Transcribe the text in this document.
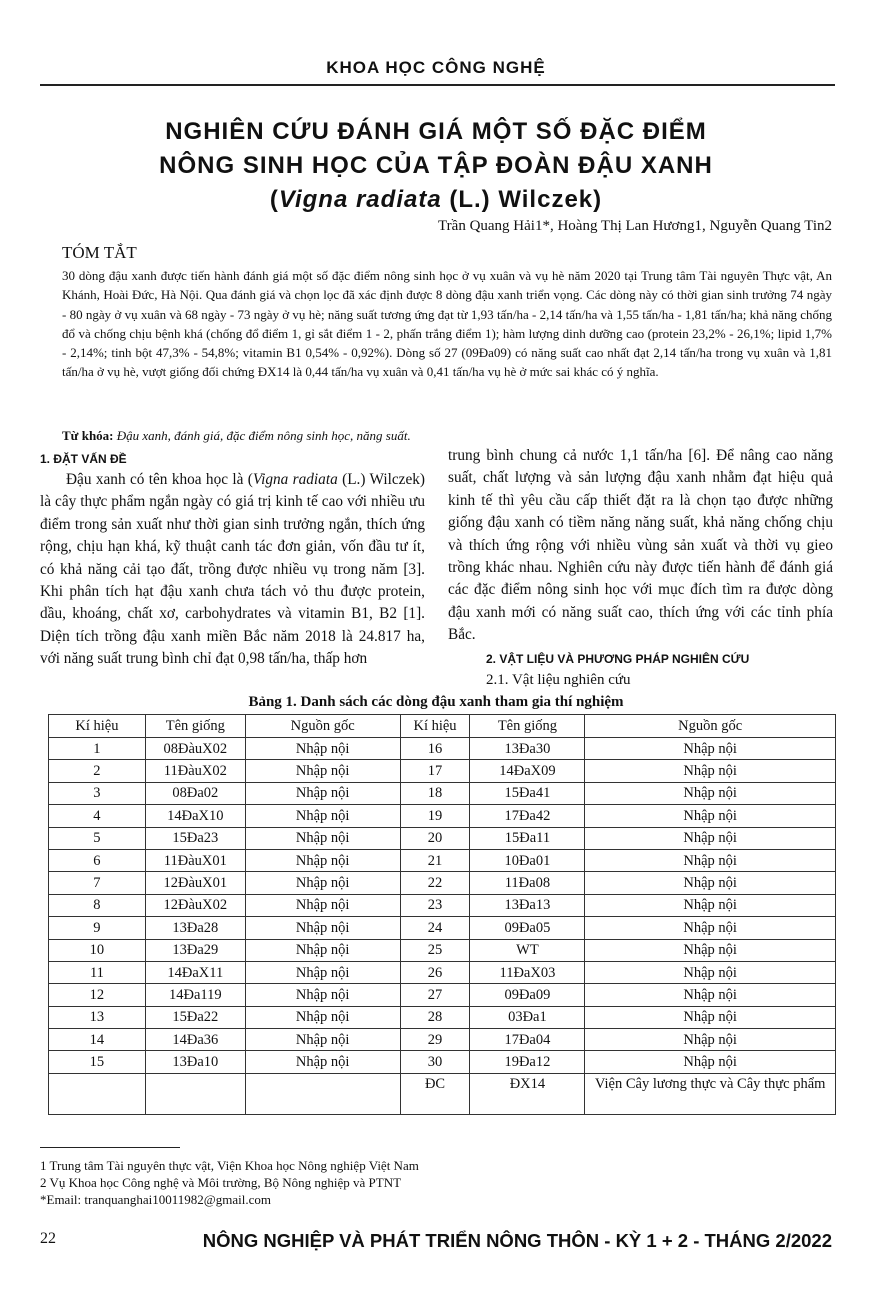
KHOA HỌC CÔNG NGHỆ
NGHIÊN CỨU ĐÁNH GIÁ MỘT SỐ ĐẶC ĐIỂM
NÔNG SINH HỌC CỦA TẬP ĐOÀN ĐẬU XANH
(Vigna radiata (L.) Wilczek)
Trần Quang Hải1*, Hoàng Thị Lan Hương1, Nguyễn Quang Tin2
TÓM TẮT
30 dòng đậu xanh được tiến hành đánh giá một số đặc điểm nông sinh học ở vụ xuân và vụ hè năm 2020 tại Trung tâm Tài nguyên Thực vật, An Khánh, Hoài Đức, Hà Nội. Qua đánh giá và chọn lọc đã xác định được 8 dòng đậu xanh triển vọng. Các dòng này có thời gian sinh trưởng 74 ngày - 80 ngày ở vụ xuân và 68 ngày - 73 ngày ở vụ hè; năng suất tương ứng đạt từ 1,93 tấn/ha - 2,14 tấn/ha và 1,55 tấn/ha - 1,81 tấn/ha; khả năng chống đổ và chống chịu bệnh khá (chống đổ điểm 1, gỉ sắt điểm 1 - 2, phấn trắng điểm 1); hàm lượng dinh dưỡng cao (protein 23,2% - 26,1%; lipid 1,7% - 2,14%; tinh bột 47,3% - 54,8%; vitamin B1 0,54% - 0,92%). Dòng số 27 (09Đa09) có năng suất cao nhất đạt 2,14 tấn/ha trong vụ xuân và 1,81 tấn/ha ở vụ hè, vượt giống đối chứng ĐX14 là 0,44 tấn/ha vụ xuân và 0,41 tấn/ha vụ hè ở mức sai khác có ý nghĩa.
Từ khóa: Đậu xanh, đánh giá, đặc điểm nông sinh học, năng suất.
1. ĐẶT VẤN ĐỀ
Đậu xanh có tên khoa học là (Vigna radiata (L.) Wilczek) là cây thực phẩm ngắn ngày có giá trị kinh tế cao với nhiều ưu điểm trong sản xuất như thời gian sinh trưởng ngắn, thích ứng rộng, chịu hạn khá, kỹ thuật canh tác đơn giản, vốn đầu tư ít, có khả năng cải tạo đất, trồng được nhiều vụ trong năm [3]. Khi phân tích hạt đậu xanh chưa tách vỏ thu được protein, dầu, khoáng, chất xơ, carbohydrates và vitamin B1, B2 [1]. Diện tích trồng đậu xanh miền Bắc năm 2018 là 24.817 ha, với năng suất trung bình chỉ đạt 0,98 tấn/ha, thấp hơn
trung bình chung cả nước 1,1 tấn/ha [6]. Để nâng cao năng suất, chất lượng và sản lượng đậu xanh nhằm đạt hiệu quả kinh tế thì yêu cầu cấp thiết đặt ra là chọn tạo được những giống đậu xanh có tiềm năng năng suất, khả năng chống chịu và thích ứng rộng với nhiều vùng sản xuất và thời vụ gieo trồng khác nhau. Nghiên cứu này được tiến hành để đánh giá các đặc điểm nông sinh học với mục đích tìm ra được dòng đậu xanh mới có năng suất cao, thích ứng với các tỉnh phía Bắc.
2. VẬT LIỆU VÀ PHƯƠNG PHÁP NGHIÊN CỨU
2.1. Vật liệu nghiên cứu
Bảng 1. Danh sách các dòng đậu xanh tham gia thí nghiệm
Kí hiệu	Tên giống	Nguồn gốc	Kí hiệu	Tên giống	Nguồn gốc
1	08ĐàuX02	Nhập nội	16	13Đa30	Nhập nội
2	11ĐàuX02	Nhập nội	17	14ĐaX09	Nhập nội
3	08Đa02	Nhập nội	18	15Đa41	Nhập nội
4	14ĐaX10	Nhập nội	19	17Đa42	Nhập nội
5	15Đa23	Nhập nội	20	15Đa11	Nhập nội
6	11ĐàuX01	Nhập nội	21	10Đa01	Nhập nội
7	12ĐàuX01	Nhập nội	22	11Đa08	Nhập nội
8	12ĐàuX02	Nhập nội	23	13Đa13	Nhập nội
9	13Đa28	Nhập nội	24	09Đa05	Nhập nội
10	13Đa29	Nhập nội	25	WT	Nhập nội
11	14ĐaX11	Nhập nội	26	11ĐaX03	Nhập nội
12	14Đa119	Nhập nội	27	09Đa09	Nhập nội
13	15Đa22	Nhập nội	28	03Đa1	Nhập nội
14	14Đa36	Nhập nội	29	17Đa04	Nhập nội
15	13Đa10	Nhập nội	30	19Đa12	Nhập nội
			ĐC	ĐX14	Viện Cây lương thực và Cây thực phẩm
1 Trung tâm Tài nguyên thực vật, Viện Khoa học Nông nghiệp Việt Nam
2 Vụ Khoa học Công nghệ và Môi trường, Bộ Nông nghiệp và PTNT
*Email: tranquanghai10011982@gmail.com
22	NÔNG NGHIỆP VÀ PHÁT TRIỂN NÔNG THÔN - KỲ 1 + 2 - THÁNG 2/2022
